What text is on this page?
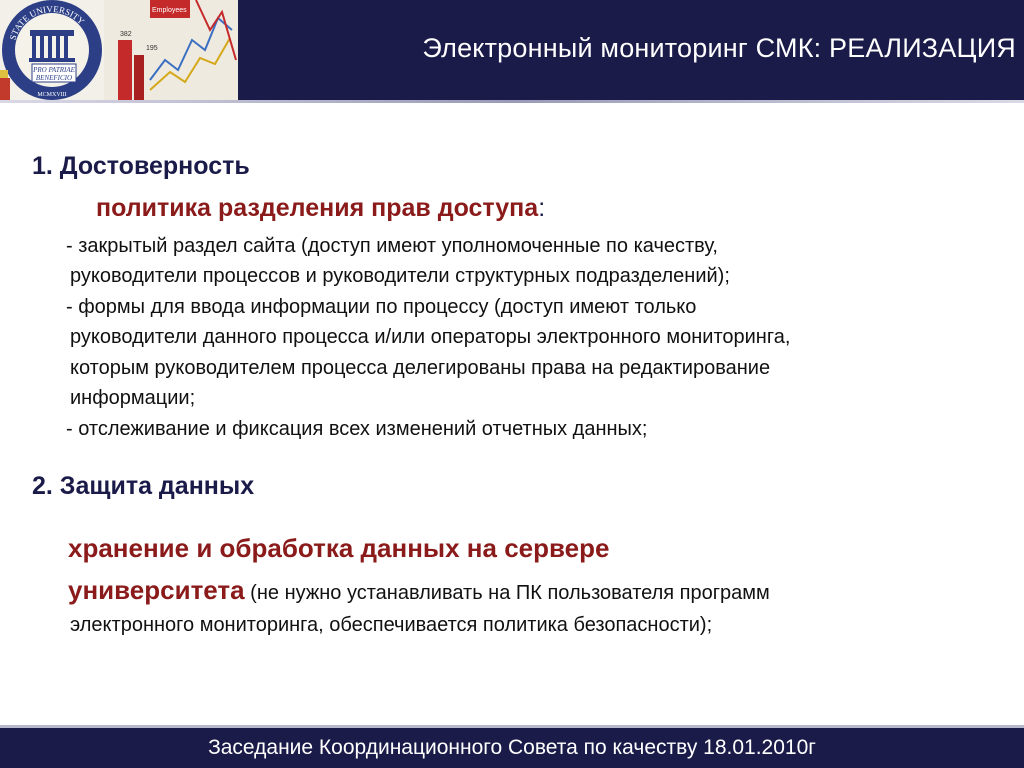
STATE UNIVERSITY
PRO PATRIAE
BENEFICIO
MCMXVIII
Employees
382
195	Электронный мониторинг СМК: РЕАЛИЗАЦИЯ
1. Достоверность
политика разделения прав доступа:
- закрытый раздел сайта (доступ имеют уполномоченные по качеству,
руководители процессов и руководители структурных подразделений);
- формы для ввода информации по процессу (доступ имеют только
руководители данного процесса и/или операторы электронного мониторинга,
которым руководителем процесса делегированы права на редактирование
информации;
- отслеживание и фиксация всех изменений отчетных данных;
2. Защита данных
хранение и обработка данных на сервере
университета (не нужно устанавливать на ПК пользователя программ
электронного мониторинга, обеспечивается политика безопасности);
Заседание Координационного Совета по качеству 18.01.2010г
